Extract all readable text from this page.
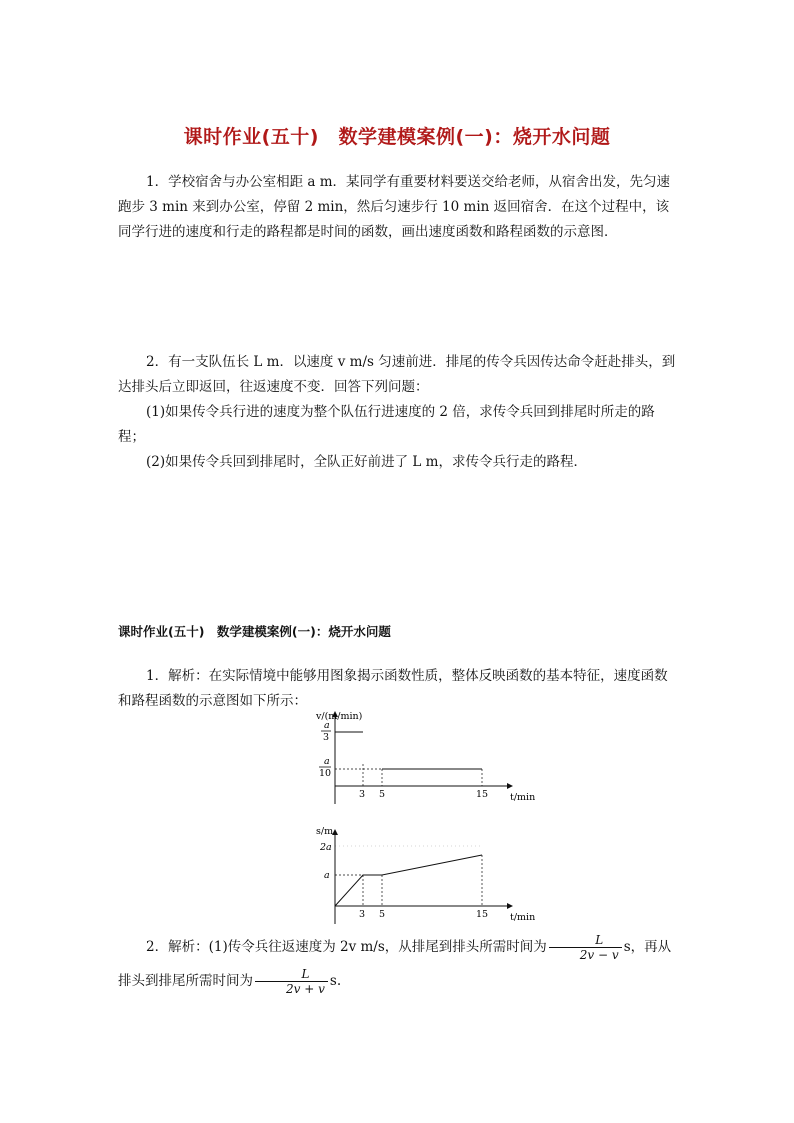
课时作业(五十)　数学建模案例(一)：烧开水问题
1．学校宿舍与办公室相距 a m．某同学有重要材料要送交给老师，从宿舍出发，先匀速跑步 3 min 来到办公室，停留 2 min，然后匀速步行 10 min 返回宿舍．在这个过程中，该同学行进的速度和行走的路程都是时间的函数，画出速度函数和路程函数的示意图．
2．有一支队伍长 L m．以速度 v m/s 匀速前进．排尾的传令兵因传达命令赶赴排头，到达排头后立即返回，往返速度不变．回答下列问题：
(1)如果传令兵行进的速度为整个队伍行进速度的 2 倍，求传令兵回到排尾时所走的路程；
(2)如果传令兵回到排尾时，全队正好前进了 L m，求传令兵行走的路程．
课时作业(五十)　数学建模案例(一)：烧开水问题
1．解析：在实际情境中能够用图象揭示函数性质，整体反映函数的基本特征，速度函数和路程函数的示意图如下所示：
v/(m/min)
t/min
a
3
a
10
3 5	15
s/m
t/min
2a
a
3 5	15
2．解析：(1)传令兵往返速度为 2v m/s，从排尾到排头所需时间为 $\frac{L}{2v - v}$ s，再从排头到排尾所需时间为 $\frac{L}{2v + v} s$.
